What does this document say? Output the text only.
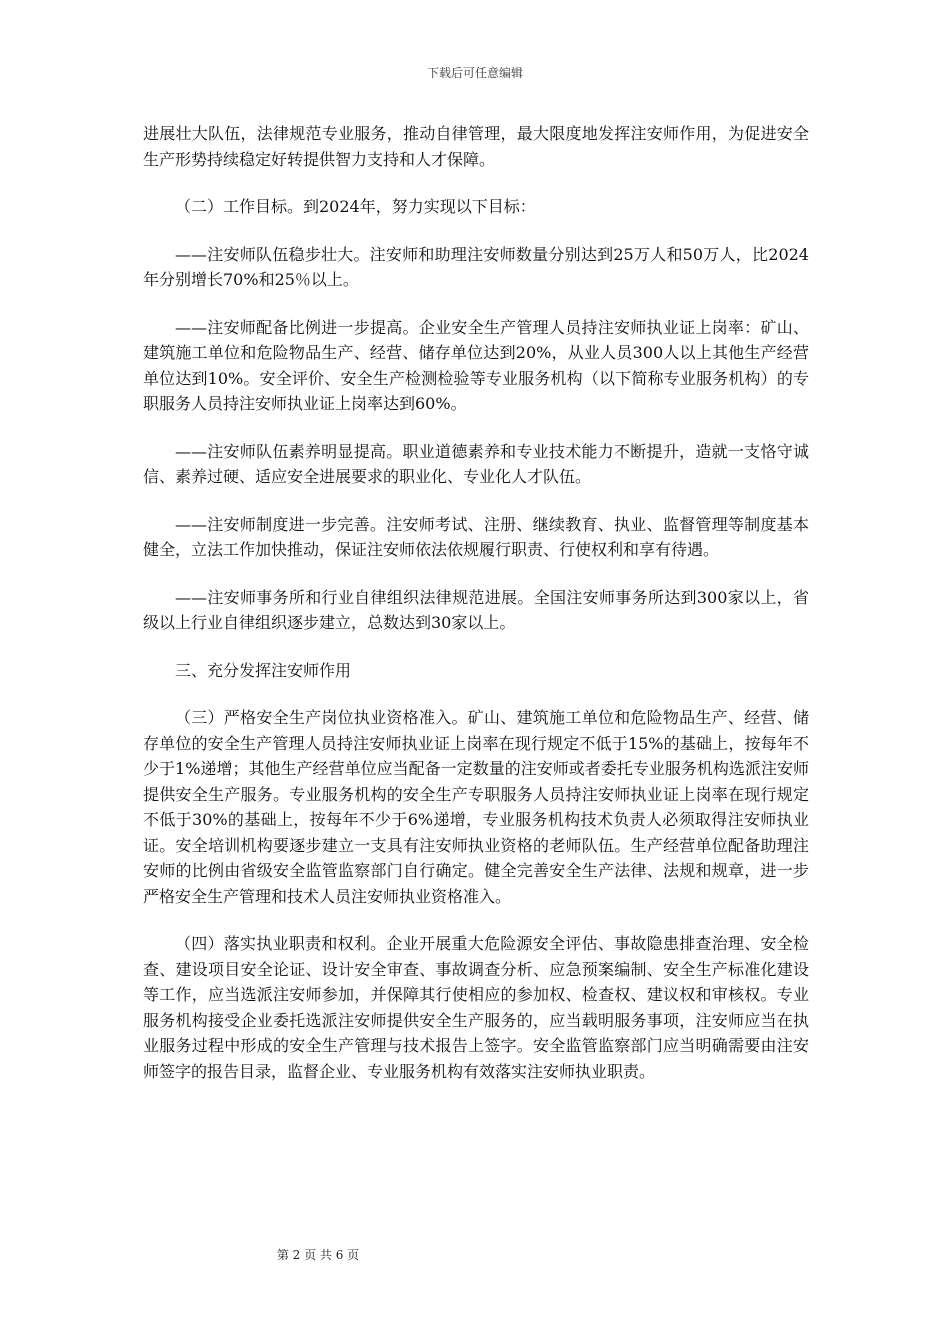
下载后可任意编辑

进展壮大队伍，法律规范专业服务，推动自律管理，最大限度地发挥注安师作用，为促进安全生产形势持续稳定好转提供智力支持和人才保障。

（二）工作目标。到2024年，努力实现以下目标：

——注安师队伍稳步壮大。注安师和助理注安师数量分别达到25万人和50万人，比2024年分别增长70%和25％以上。

——注安师配备比例进一步提高。企业安全生产管理人员持注安师执业证上岗率：矿山、建筑施工单位和危险物品生产、经营、储存单位达到20%，从业人员300人以上其他生产经营单位达到10%。安全评价、安全生产检测检验等专业服务机构（以下简称专业服务机构）的专职服务人员持注安师执业证上岗率达到60%。

——注安师队伍素养明显提高。职业道德素养和专业技术能力不断提升，造就一支恪守诚信、素养过硬、适应安全进展要求的职业化、专业化人才队伍。

——注安师制度进一步完善。注安师考试、注册、继续教育、执业、监督管理等制度基本健全，立法工作加快推动，保证注安师依法依规履行职责、行使权利和享有待遇。

——注安师事务所和行业自律组织法律规范进展。全国注安师事务所达到300家以上，省级以上行业自律组织逐步建立，总数达到30家以上。

三、充分发挥注安师作用

（三）严格安全生产岗位执业资格准入。矿山、建筑施工单位和危险物品生产、经营、储存单位的安全生产管理人员持注安师执业证上岗率在现行规定不低于15%的基础上，按每年不少于1%递增；其他生产经营单位应当配备一定数量的注安师或者委托专业服务机构选派注安师提供安全生产服务。专业服务机构的安全生产专职服务人员持注安师执业证上岗率在现行规定不低于30%的基础上，按每年不少于6%递增，专业服务机构技术负责人必须取得注安师执业证。安全培训机构要逐步建立一支具有注安师执业资格的老师队伍。生产经营单位配备助理注安师的比例由省级安全监管监察部门自行确定。健全完善安全生产法律、法规和规章，进一步严格安全生产管理和技术人员注安师执业资格准入。

（四）落实执业职责和权利。企业开展重大危险源安全评估、事故隐患排查治理、安全检查、建设项目安全论证、设计安全审查、事故调查分析、应急预案编制、安全生产标准化建设等工作，应当选派注安师参加，并保障其行使相应的参加权、检查权、建议权和审核权。专业服务机构接受企业委托选派注安师提供安全生产服务的，应当载明服务事项，注安师应当在执业服务过程中形成的安全生产管理与技术报告上签字。安全监管监察部门应当明确需要由注安师签字的报告目录，监督企业、专业服务机构有效落实注安师执业职责。

第 2 页 共 6 页
